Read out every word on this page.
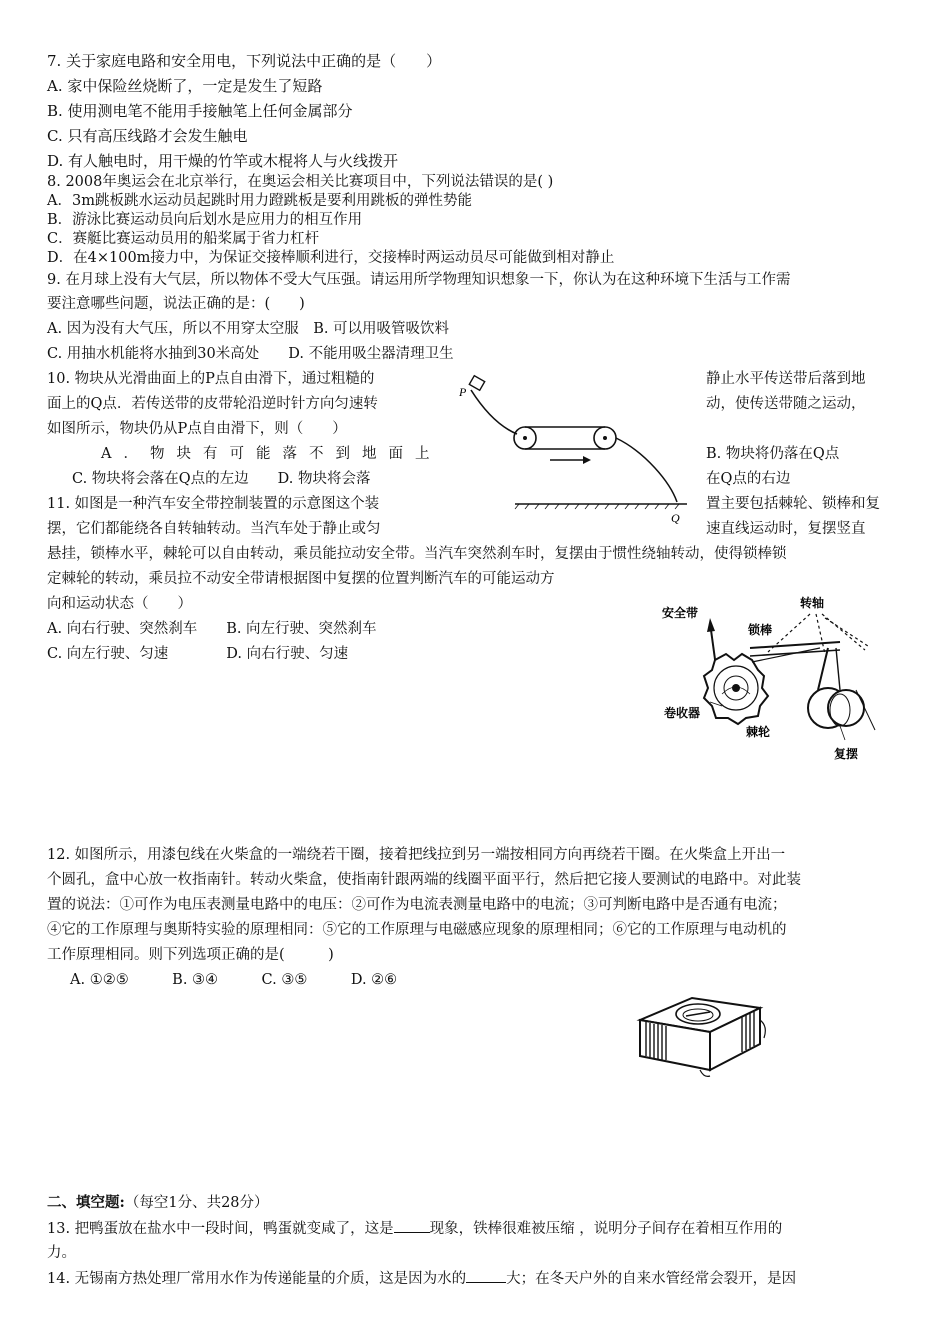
7. 关于家庭电路和安全用电，下列说法中正确的是（　　）
A. 家中保险丝烧断了，一定是发生了短路
B. 使用测电笔不能用手接触笔上任何金属部分
C. 只有高压线路才会发生触电
D. 有人触电时，用干燥的竹竿或木棍将人与火线拨开
8. 2008年奥运会在北京举行，在奥运会相关比赛项目中，下列说法错误的是( )
A．3m跳板跳水运动员起跳时用力蹬跳板是要利用跳板的弹性势能
B．游泳比赛运动员向后划水是应用力的相互作用
C．赛艇比赛运动员用的船桨属于省力杠杆
D．在4×100m接力中，为保证交接棒顺利进行，交接棒时两运动员尽可能做到相对静止
9. 在月球上没有大气层，所以物体不受大气压强。请运用所学物理知识想象一下，你认为在这种环境下生活与工作需
要注意哪些问题，说法正确的是：(　　)
A. 因为没有大气压，所以不用穿太空服　B. 可以用吸管吸饮料
C. 用抽水机能将水抽到30米高处　　D. 不能用吸尘器清理卫生
10. 物块从光滑曲面上的P点自由滑下，通过粗糙的	静止水平传送带后落到地
面上的Q点．若传送带的皮带轮沿逆时针方向匀速转	动，使传送带随之运动，
如图所示，物块仍从P点自由滑下，则（　　）
A．物块有可能落不到地面上	B. 物块将仍落在Q点
C. 物块将会落在Q点的左边　　D. 物块将会落	在Q点的右边
P
Q
11. 如图是一种汽车安全带控制装置的示意图这个装	置主要包括棘轮、锁棒和复
摆，它们都能绕各自转轴转动。当汽车处于静止或匀	速直线运动时，复摆竖直
悬挂，锁棒水平，棘轮可以自由转动，乘员能拉动安全带。当汽车突然刹车时，复摆由于惯性绕轴转动，使得锁棒锁
定棘轮的转动，乘员拉不动安全带请根据图中复摆的位置判断汽车的可能运动方
向和运动状态（　　）
A. 向右行驶、突然刹车　　B. 向左行驶、突然刹车
C. 向左行驶、匀速　　　　D. 向右行驶、匀速
安全带
转轴
锁棒
卷收器
棘轮
复摆
12. 如图所示，用漆包线在火柴盒的一端绕若干圈，接着把线拉到另一端按相同方向再绕若干圈。在火柴盒上开出一
个圆孔，盒中心放一枚指南针。转动火柴盒，使指南针跟两端的线圈平面平行，然后把它接人要测试的电路中。对此装
置的说法：①可作为电压表测量电路中的电压：②可作为电流表测量电路中的电流；③可判断电路中是否通有电流；
④它的工作原理与奥斯特实验的原理相同：⑤它的工作原理与电磁感应现象的原理相同；⑥它的工作原理与电动机的
工作原理相同。则下列选项正确的是(　　　)
A. ①②⑤　　　B. ③④　　　C. ③⑤　　　D. ②⑥
二、填空题:（每空1分、共28分）
13. 把鸭蛋放在盐水中一段时间，鸭蛋就变咸了，这是 现象，铁棒很难被压缩 ，说明分子间存在着相互作用的
力。
14. 无锡南方热处理厂常用水作为传递能量的介质，这是因为水的	大；在冬天户外的自来水管经常会裂开，是因
